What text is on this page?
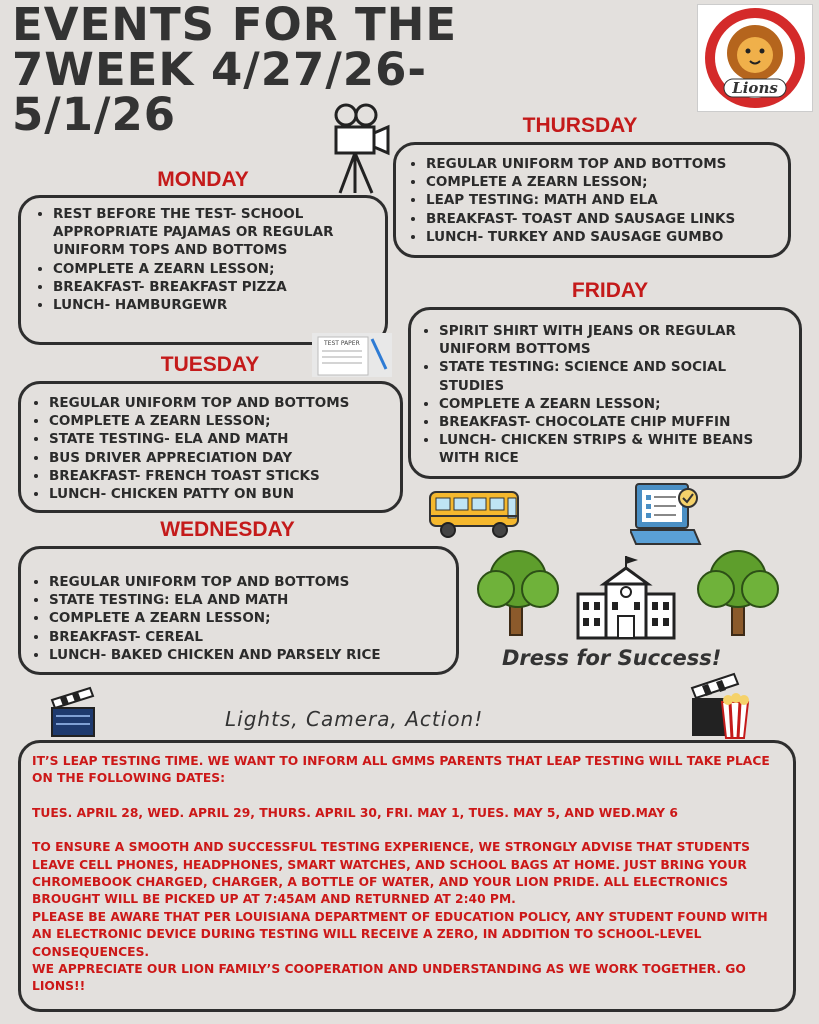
EVENTS FOR THE
7WEEK 4/27/26-
5/1/26	Lions
MONDAY
• REST BEFORE THE TEST- SCHOOL APPROPRIATE PAJAMAS OR REGULAR UNIFORM TOPS AND BOTTOMS
• COMPLETE A ZEARN LESSON;
• BREAKFAST- BREAKFAST PIZZA
• LUNCH- HAMBURGEWR
TEST PAPER
TUESDAY
• REGULAR UNIFORM TOP AND BOTTOMS
• COMPLETE A ZEARN LESSON;
• STATE TESTING- ELA AND MATH
• BUS DRIVER APPRECIATION DAY
• BREAKFAST- FRENCH TOAST STICKS
• LUNCH- CHICKEN PATTY ON BUN
WEDNESDAY
• REGULAR UNIFORM TOP AND BOTTOMS
• STATE TESTING: ELA AND MATH
• COMPLETE A ZEARN LESSON;
• BREAKFAST- CEREAL
• LUNCH- BAKED CHICKEN AND PARSELY RICE
THURSDAY
• REGULAR UNIFORM TOP AND BOTTOMS
• COMPLETE A ZEARN LESSON;
• LEAP TESTING: MATH AND ELA
• BREAKFAST- TOAST AND SAUSAGE LINKS
• LUNCH- TURKEY AND SAUSAGE GUMBO
FRIDAY
• SPIRIT SHIRT WITH JEANS OR REGULAR UNIFORM BOTTOMS
• STATE TESTING: SCIENCE AND SOCIAL STUDIES
• COMPLETE A ZEARN LESSON;
• BREAKFAST- CHOCOLATE CHIP MUFFIN
• LUNCH- CHICKEN STRIPS & WHITE BEANS WITH RICE
Dress for Success!
Lights, Camera, Action!

IT’S LEAP TESTING TIME. WE WANT TO INFORM ALL GMMS PARENTS THAT LEAP TESTING WILL TAKE PLACE ON THE FOLLOWING DATES:

TUES. APRIL 28, WED. APRIL 29, THURS. APRIL 30, FRI. MAY 1, TUES. MAY 5, AND WED.MAY 6

TO ENSURE A SMOOTH AND SUCCESSFUL TESTING EXPERIENCE, WE STRONGLY ADVISE THAT STUDENTS LEAVE CELL PHONES, HEADPHONES, SMART WATCHES, AND SCHOOL BAGS AT HOME. JUST BRING YOUR CHROMEBOOK CHARGED, CHARGER, A BOTTLE OF WATER, AND YOUR LION PRIDE. ALL ELECTRONICS BROUGHT WILL BE PICKED UP AT 7:45AM AND RETURNED AT 2:40 PM.

PLEASE BE AWARE THAT PER LOUISIANA DEPARTMENT OF EDUCATION POLICY, ANY STUDENT FOUND WITH AN ELECTRONIC DEVICE DURING TESTING WILL RECEIVE A ZERO, IN ADDITION TO SCHOOL-LEVEL CONSEQUENCES.

WE APPRECIATE OUR LION FAMILY’S COOPERATION AND UNDERSTANDING AS WE WORK TOGETHER. GO LIONS!!
